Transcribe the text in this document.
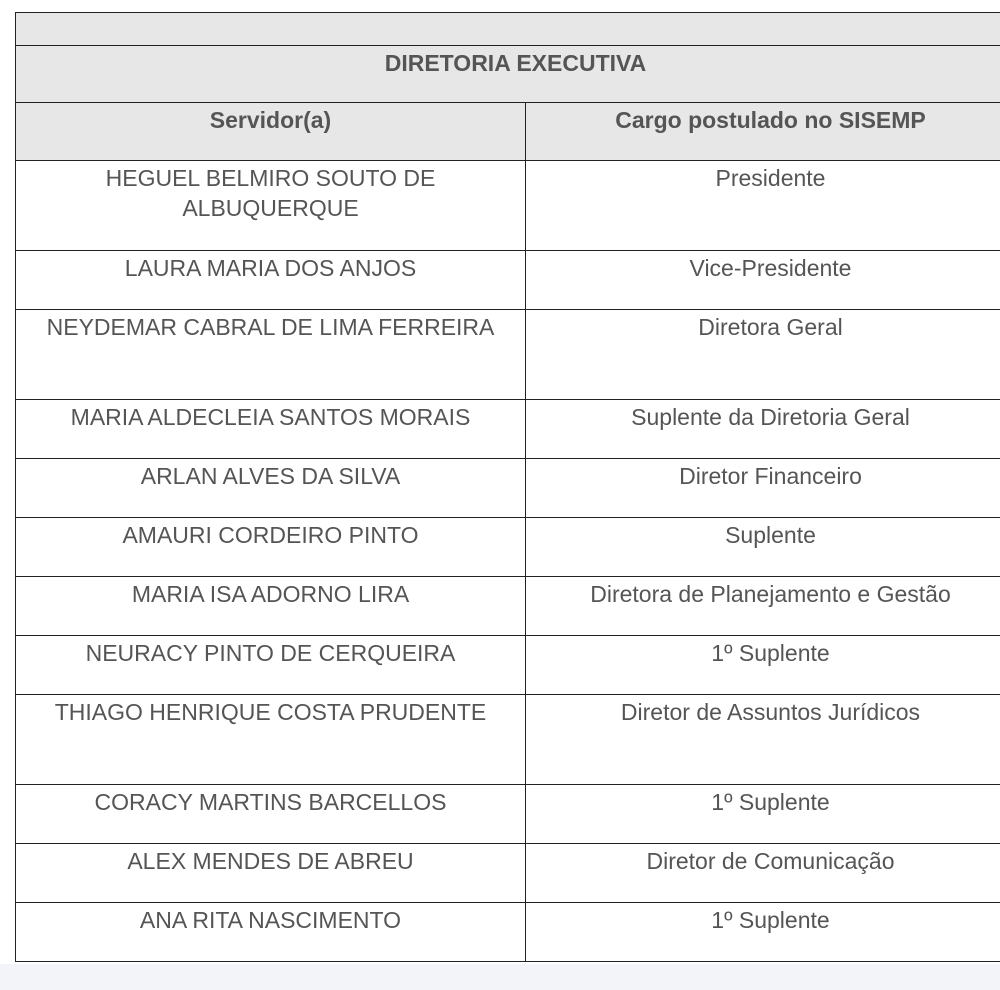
DIRETORIA EXECUTIVA	
Servidor(a)	Cargo postulado no SISEMP
HEGUEL BELMIRO SOUTO DE ALBUQUERQUE	Presidente
LAURA MARIA DOS ANJOS	Vice-Presidente
NEYDEMAR CABRAL DE LIMA FERREIRA	Diretora Geral
MARIA ALDECLEIA SANTOS MORAIS	Suplente da Diretoria Geral
ARLAN ALVES DA SILVA	Diretor Financeiro
AMAURI CORDEIRO PINTO	Suplente
MARIA ISA ADORNO LIRA	Diretora de Planejamento e Gestão
NEURACY PINTO DE CERQUEIRA	1º Suplente
THIAGO HENRIQUE COSTA PRUDENTE	Diretor de Assuntos Jurídicos
CORACY MARTINS BARCELLOS	1º Suplente
ALEX MENDES DE ABREU	Diretor de Comunicação
ANA RITA NASCIMENTO	1º Suplente
